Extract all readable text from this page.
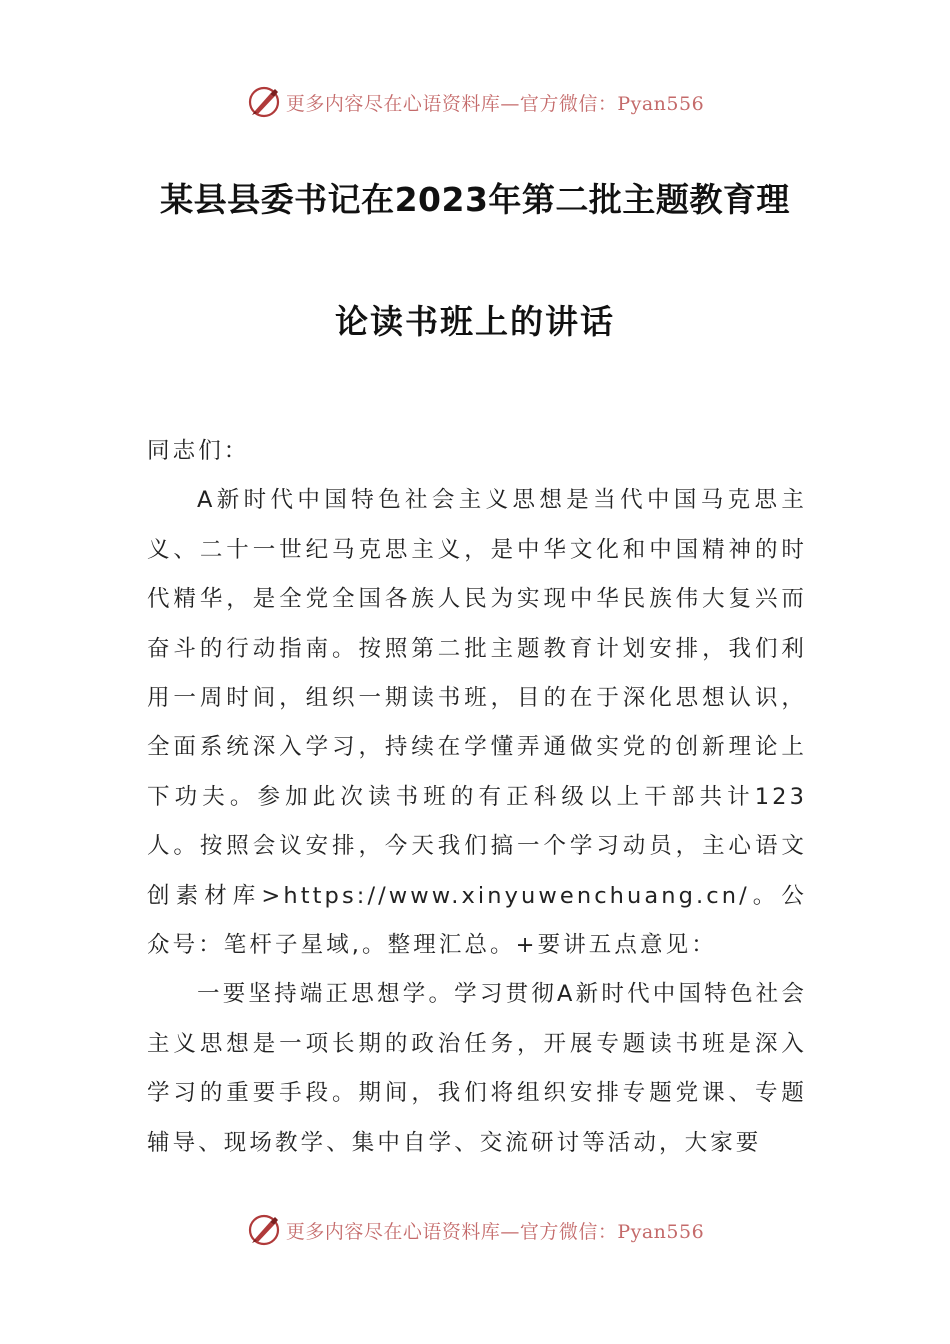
更多内容尽在心语资料库—官方微信：Pyan556
某县县委书记在2023年第二批主题教育理
论读书班上的讲话

同志们：

A新时代中国特色社会主义思想是当代中国马克思主义、二十一世纪马克思主义，是中华文化和中国精神的时代精华，是全党全国各族人民为实现中华民族伟大复兴而奋斗的行动指南。按照第二批主题教育计划安排，我们利用一周时间，组织一期读书班，目的在于深化思想认识，全面系统深入学习，持续在学懂弄通做实党的创新理论上下功夫。参加此次读书班的有正科级以上干部共计123人。按照会议安排，今天我们搞一个学习动员，主心语文创素材库>https://www.xinyuwenchuang.cn/。公众号：笔杆子星域,。整理汇总。+要讲五点意见：

一要坚持端正思想学。学习贯彻A新时代中国特色社会主义思想是一项长期的政治任务，开展专题读书班是深入学习的重要手段。期间，我们将组织安排专题党课、专题辅导、现场教学、集中自学、交流研讨等活动，大家要

更多内容尽在心语资料库—官方微信：Pyan556
